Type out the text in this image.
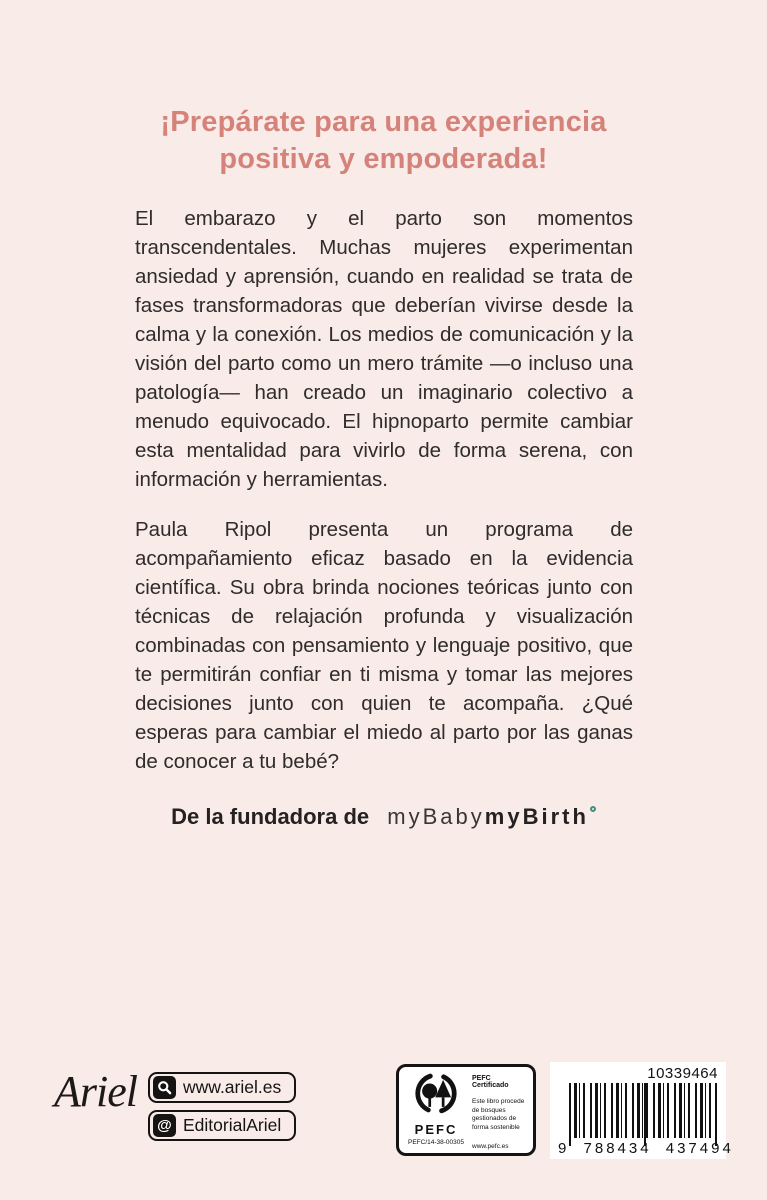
¡Prepárate para una experiencia positiva y empoderada!

El embarazo y el parto son momentos transcendentales. Muchas mujeres experimentan ansiedad y aprensión, cuando en realidad se trata de fases transformadoras que deberían vivirse desde la calma y la conexión. Los medios de comunicación y la visión del parto como un mero trámite —o incluso una patología— han creado un imaginario colectivo a menudo equivocado. El hipnoparto permite cambiar esta mentalidad para vivirlo de forma serena, con información y herramientas.

Paula Ripol presenta un programa de acompañamiento eficaz basado en la evidencia científica. Su obra brinda nociones teóricas junto con técnicas de relajación profunda y visualización combinadas con pensamiento y lenguaje positivo, que te permitirán confiar en ti misma y tomar las mejores decisiones junto con quien te acompaña. ¿Qué esperas para cambiar el miedo al parto por las ganas de conocer a tu bebé?

De la fundadora de myBabymyBirth
Ariel	www.ariel.es
@ EditorialAriel	PEFC
PEFC/14-38-00305
PEFC Certificado
Este libro procede de bosques gestionados de forma sostenible
www.pefc.es
10339464
9 788434 437494
